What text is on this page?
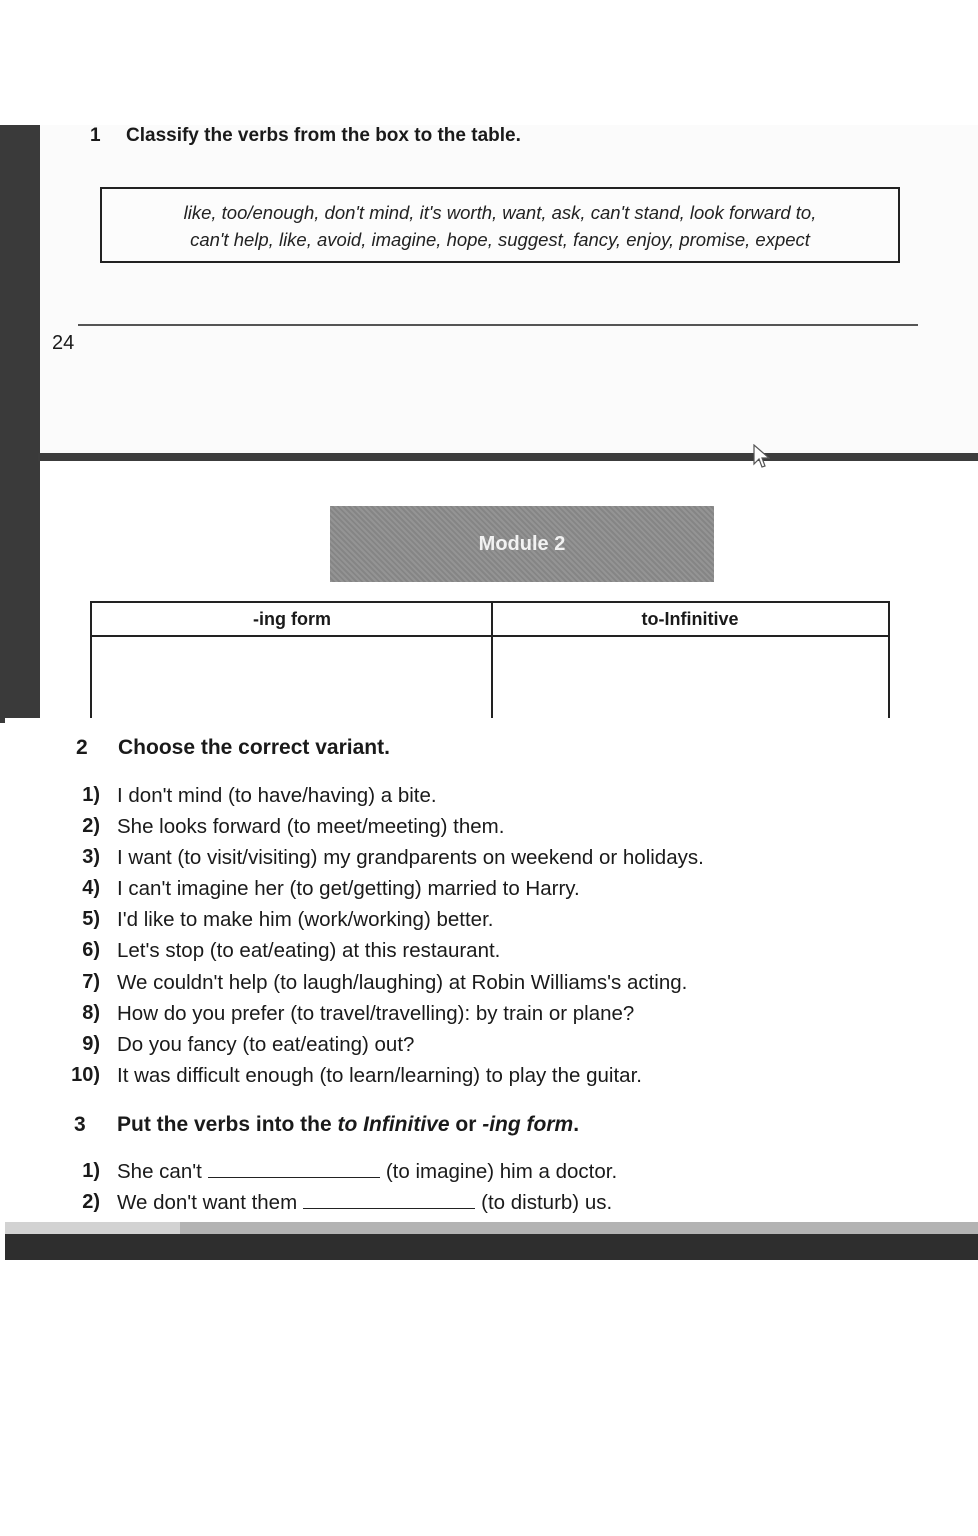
1 Classify the verbs from the box to the table.
like, too/enough, don't mind, it's worth, want, ask, can't stand, look forward to,
can't help, like, avoid, imagine, hope, suggest, fancy, enjoy, promise, expect
24
Module 2
-ing form	to-Infinitive
2 Choose the correct variant.
1) I don't mind (to have/having) a bite.
2) She looks forward (to meet/meeting) them.
3) I want (to visit/visiting) my grandparents on weekend or holidays.
4) I can't imagine her (to get/getting) married to Harry.
5) I'd like to make him (work/working) better.
6) Let's stop (to eat/eating) at this restaurant.
7) We couldn't help (to laugh/laughing) at Robin Williams's acting.
8) How do you prefer (to travel/travelling): by train or plane?
9) Do you fancy (to eat/eating) out?
10) It was difficult enough (to learn/learning) to play the guitar.
3 Put the verbs into the to Infinitive or -ing form.
1) She can't	(to imagine) him a doctor.
2) We don't want them	(to disturb) us.
